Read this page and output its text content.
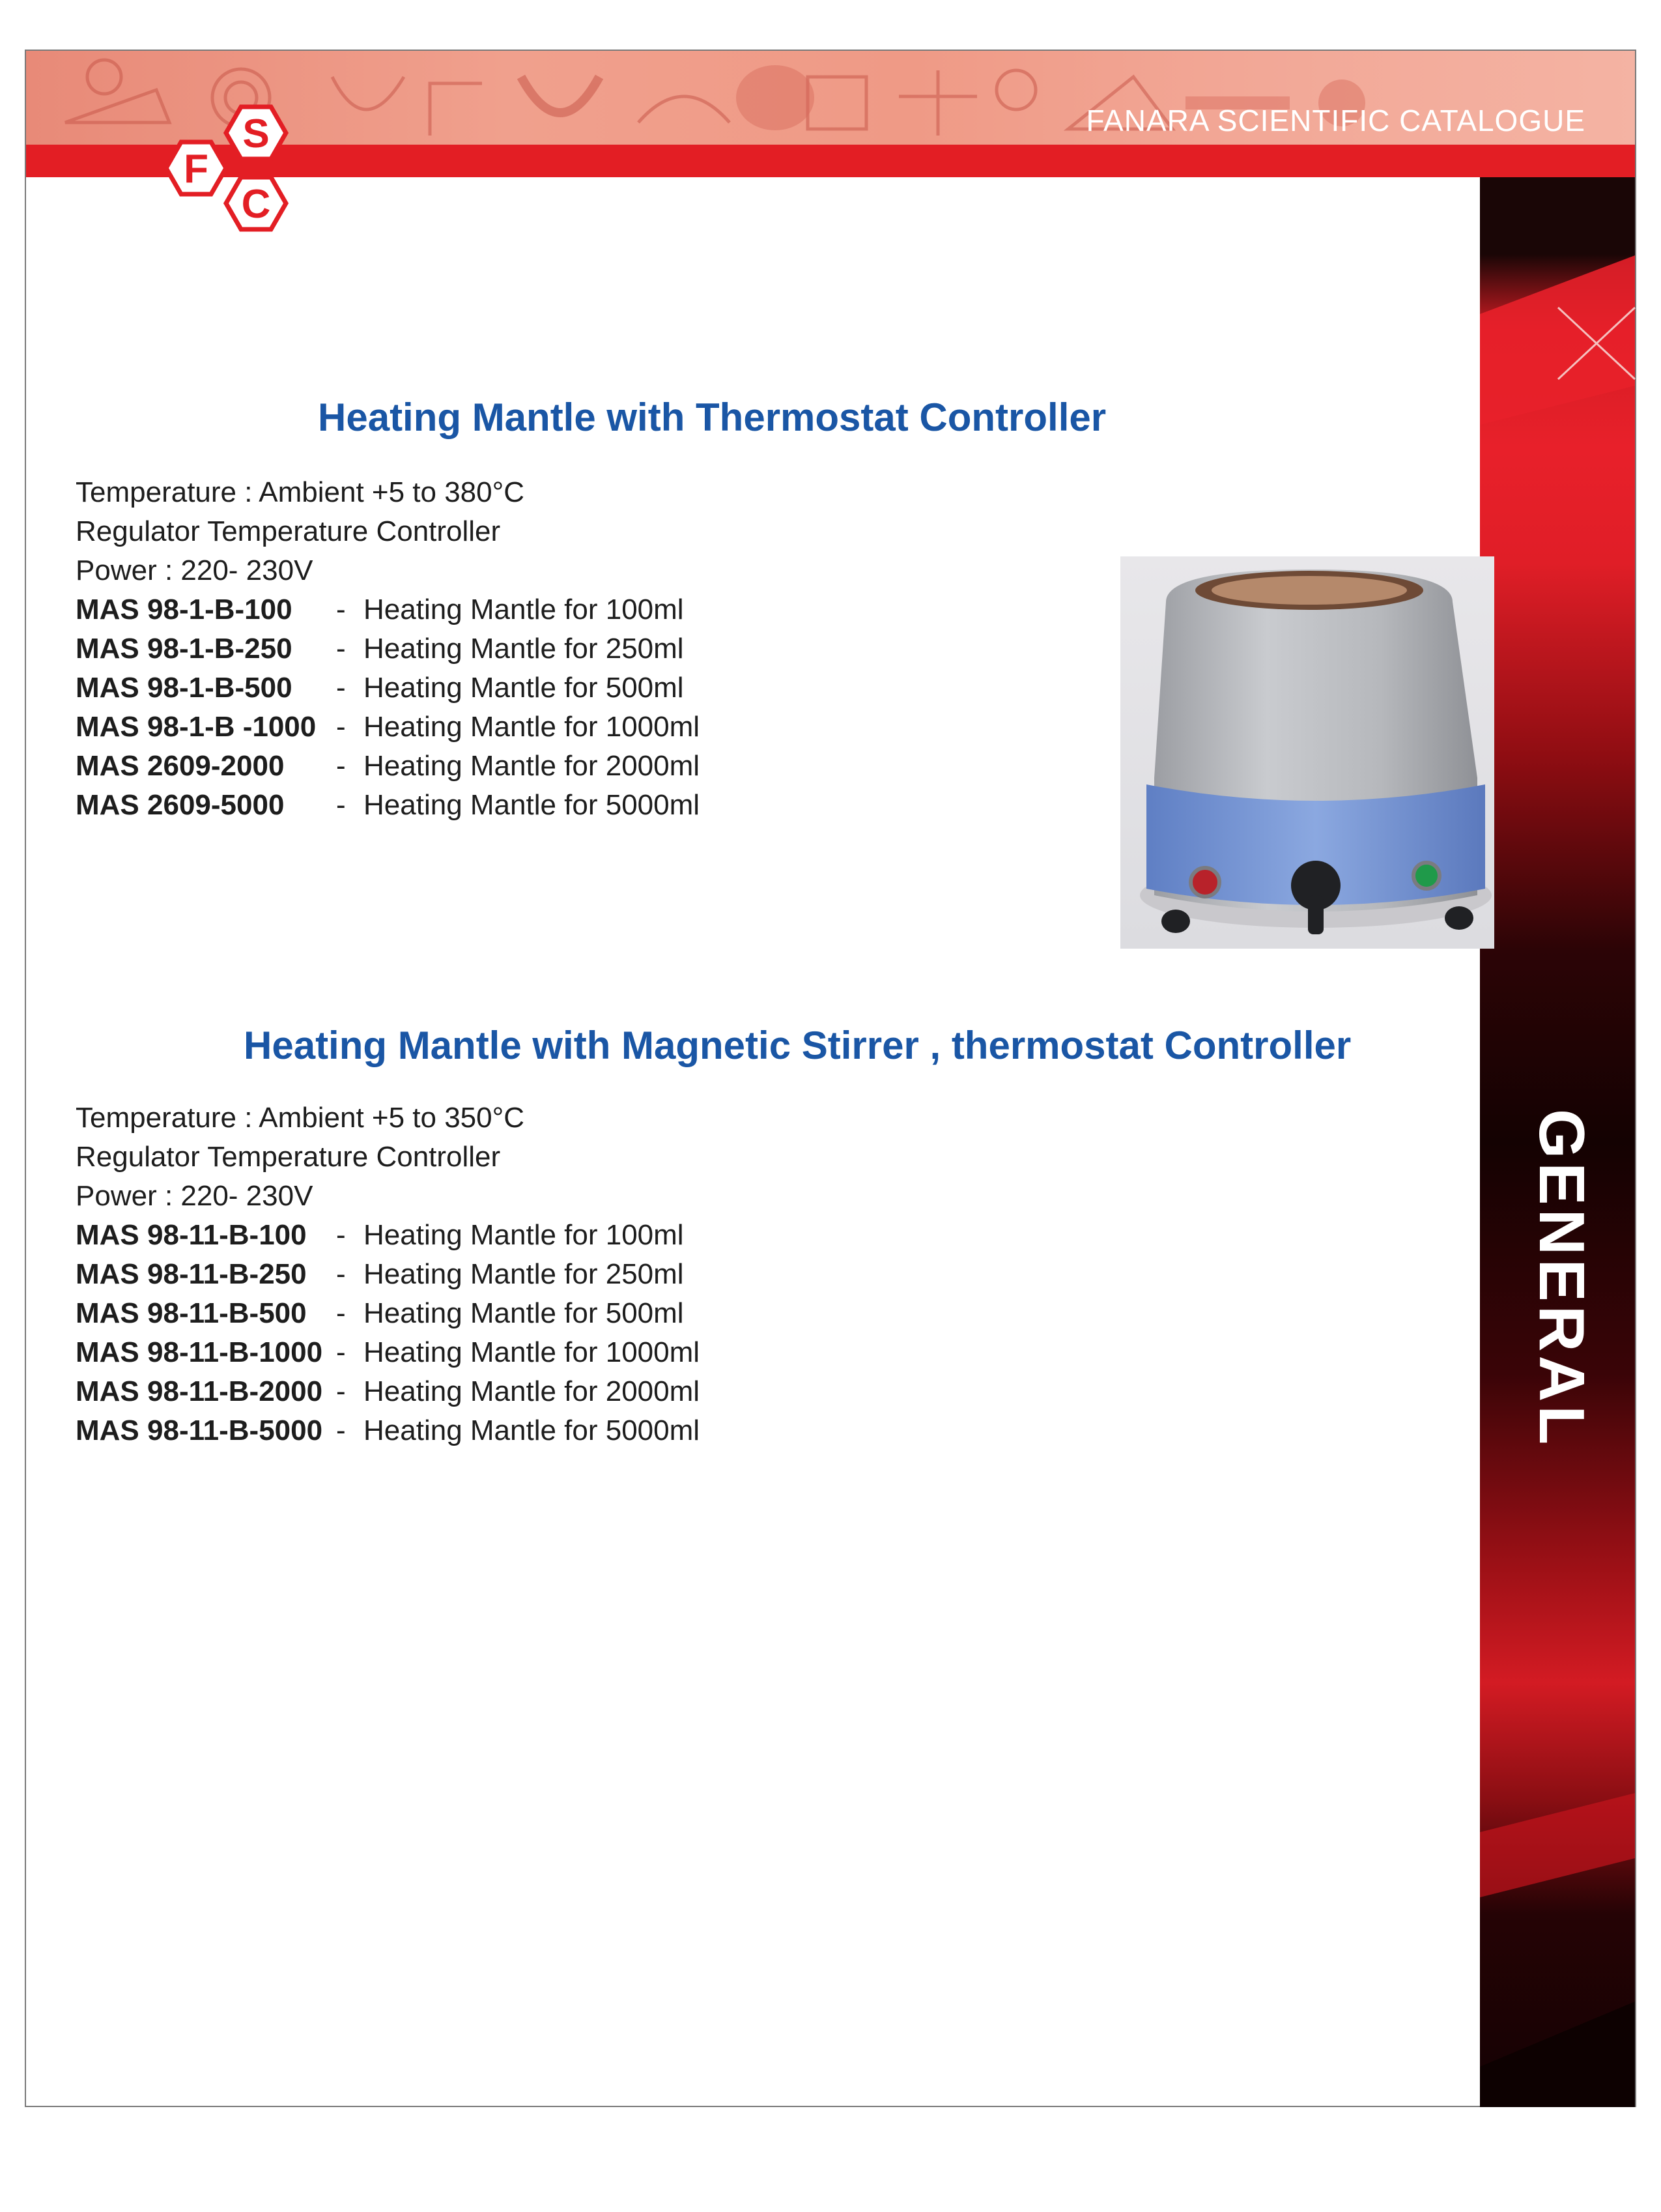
FANARA SCIENTIFIC CATALOGUE
S
F
C
GENERAL
181
Heating Mantle with Thermostat Controller
Temperature : Ambient +5 to 380°C
Regulator Temperature Controller
Power : 220- 230V
MAS 98-1-B-100	- Heating Mantle for 100ml
MAS 98-1-B-250	- Heating Mantle for 250ml
MAS 98-1-B-500	- Heating Mantle for 500ml
MAS 98-1-B -1000 - Heating Mantle for 1000ml
MAS 2609-2000	- Heating Mantle for 2000ml
MAS 2609-5000	- Heating Mantle for 5000ml
Heating Mantle with Magnetic Stirrer , thermostat Controller
Temperature : Ambient +5 to 350°C
Regulator Temperature Controller
Power : 220- 230V
MAS 98-11-B-100	- Heating Mantle for 100ml
MAS 98-11-B-250	- Heating Mantle for 250ml
MAS 98-11-B-500	- Heating Mantle for 500ml
MAS 98-11-B-1000 - Heating Mantle for 1000ml
MAS 98-11-B-2000 - Heating Mantle for 2000ml
MAS 98-11-B-5000 - Heating Mantle for 5000ml
